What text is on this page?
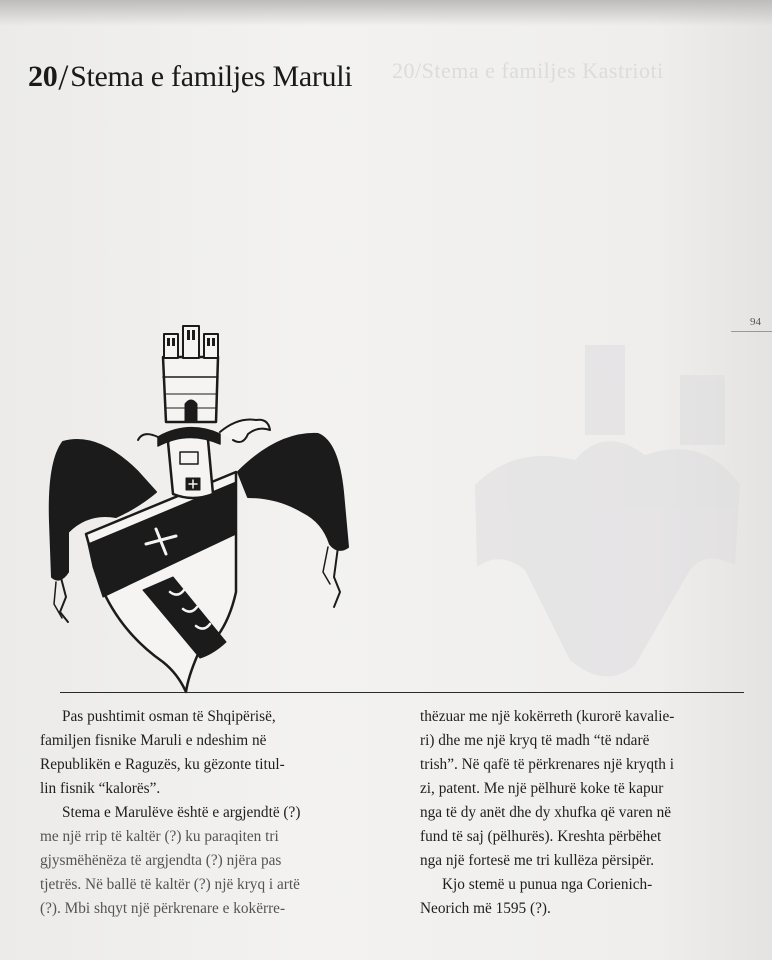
20/Stema e familjes Kastrioti
20/Stema e familjes Maruli
94

Pas pushtimit osman të Shqipërisë,
familjen fisnike Maruli e ndeshim në
Republikën e Raguzës, ku gëzonte titul-
lin fisnik “kalorës”.

Stema e Marulëve është e argjendtë (?)
me një rrip të kaltër (?) ku paraqiten tri
gjysmëhënëza të argjendta (?) njëra pas
tjetrës. Në ballë të kaltër (?) një kryq i artë
(?). Mbi shqyt një përkrenare e kokërre-

thëzuar me një kokërreth (kurorë kavalie-
ri) dhe me një kryq të madh “të ndarë
trish”. Në qafë të përkrenares një kryqth i
zi, patent. Me një pëlhurë koke të kapur
nga të dy anët dhe dy xhufka që varen në
fund të saj (pëlhurës). Kreshta përbëhet
nga një fortesë me tri kullëza përsipër.

Kjo stemë u punua nga Corienich-
Neorich më 1595 (?).
